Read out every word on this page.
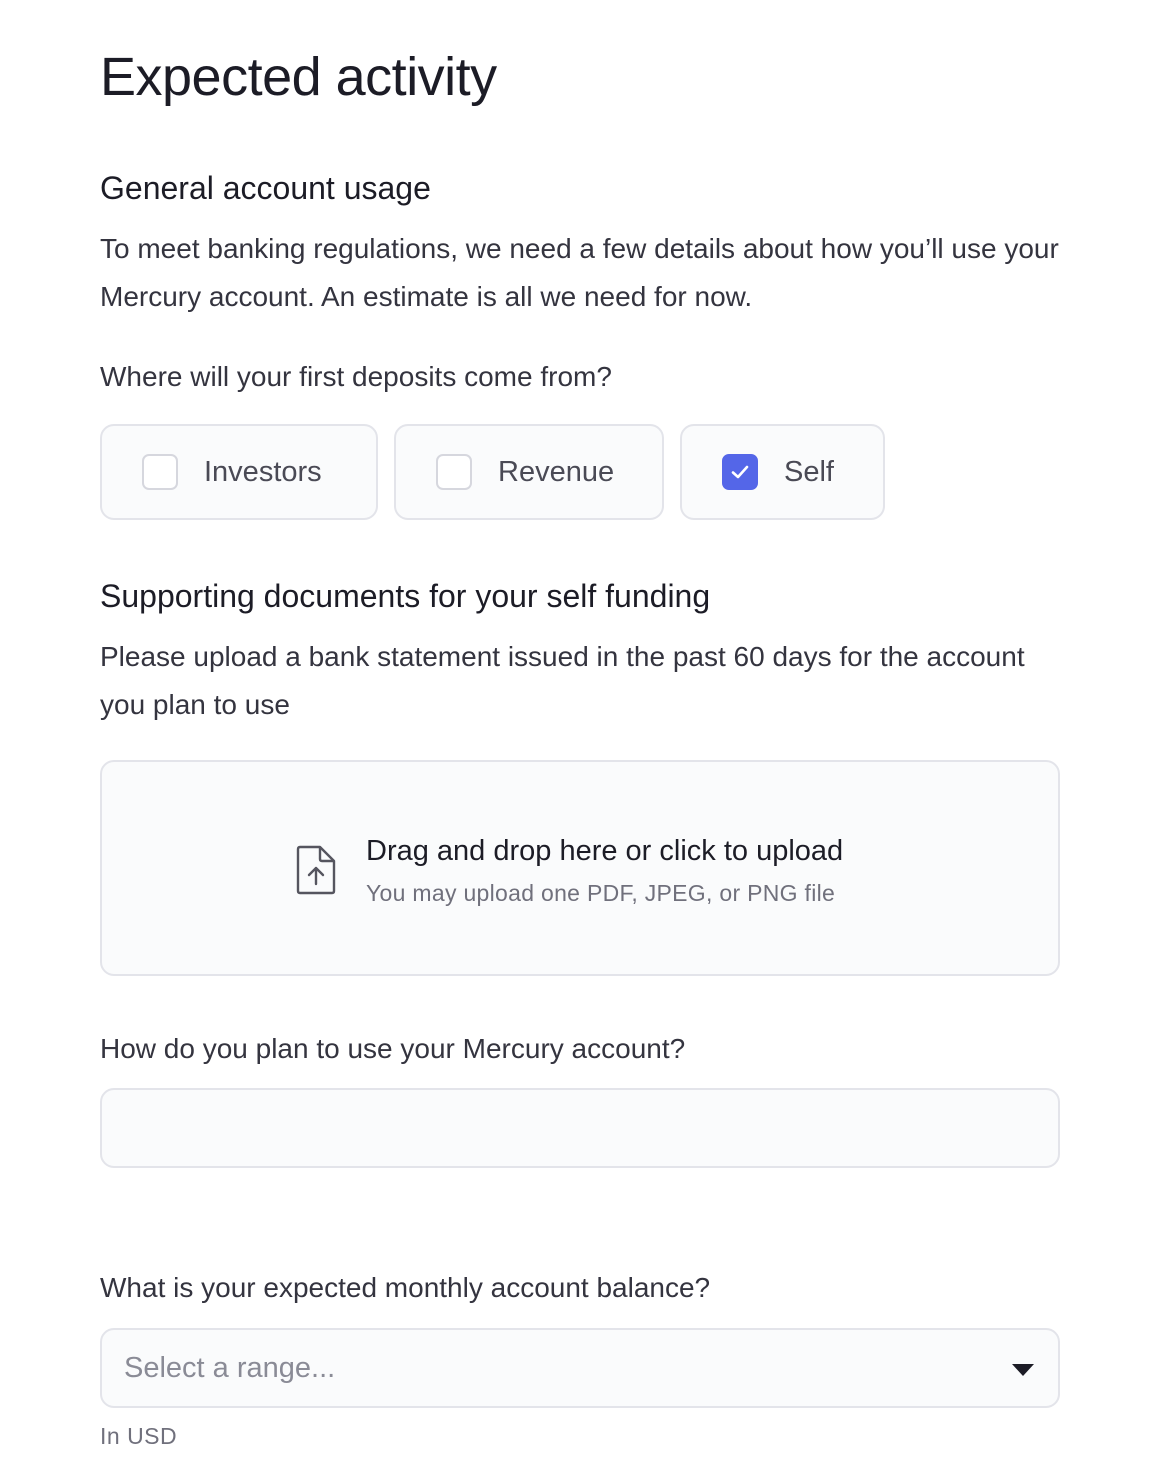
Expected activity
General account usage

To meet banking regulations, we need a few details about how you’ll use your Mercury account. An estimate is all we need for now.

Where will your first deposits come from?

Investors	Revenue	Self
Supporting documents for your self funding

Please upload a bank statement issued in the past 60 days for the account you plan to use

Drag and drop here or click to upload
You may upload one PDF, JPEG, or PNG file

How do you plan to use your Mercury account?

What is your expected monthly account balance?

Select a range...

In USD
